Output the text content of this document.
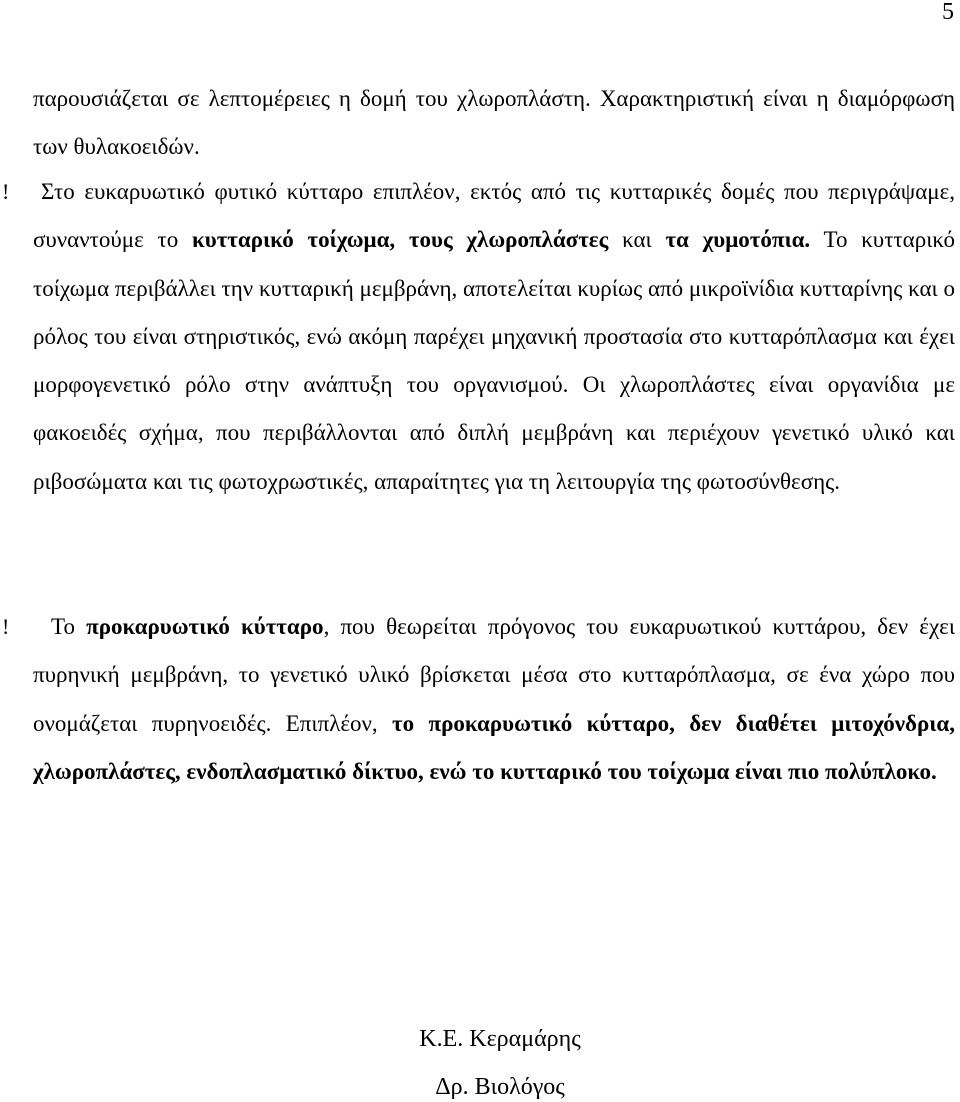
5

παρουσιάζεται σε λεπτομέρειες η δομή του χλωροπλάστη. Χαρακτηριστική είναι η διαμόρφωση των θυλακοειδών.

!	Στο ευκαρυωτικό φυτικό κύτταρο επιπλέον, εκτός από τις κυτταρικές δομές που περιγράψαμε, συναντούμε το κυτταρικό τοίχωμα, τους χλωροπλάστες και τα χυμοτόπια. Το κυτταρικό τοίχωμα περιβάλλει την κυτταρική μεμβράνη, αποτελείται κυρίως από μικροϊνίδια κυτταρίνης και ο ρόλος του είναι στηριστικός, ενώ ακόμη παρέχει μηχανική προστασία στο κυτταρόπλασμα και έχει μορφογενετικό ρόλο στην ανάπτυξη του οργανισμού. Οι χλωροπλάστες είναι οργανίδια με φακοειδές σχήμα, που περιβάλλονται από διπλή μεμβράνη και περιέχουν γενετικό υλικό και ριβοσώματα και τις φωτοχρωστικές, απαραίτητες για τη λειτουργία της φωτοσύνθεσης.

!	Το προκαρυωτικό κύτταρο, που θεωρείται πρόγονος του ευκαρυωτικού κυττάρου, δεν έχει πυρηνική μεμβράνη, το γενετικό υλικό βρίσκεται μέσα στο κυτταρόπλασμα, σε ένα χώρο που ονομάζεται πυρηνοειδές. Επιπλέον, το προκαρυωτικό κύτταρο, δεν διαθέτει μιτοχόνδρια, χλωροπλάστες, ενδοπλασματικό δίκτυο, ενώ το κυτταρικό του τοίχωμα είναι πιο πολύπλοκο.

Κ.Ε. Κεραμάρης
Δρ. Βιολόγος
